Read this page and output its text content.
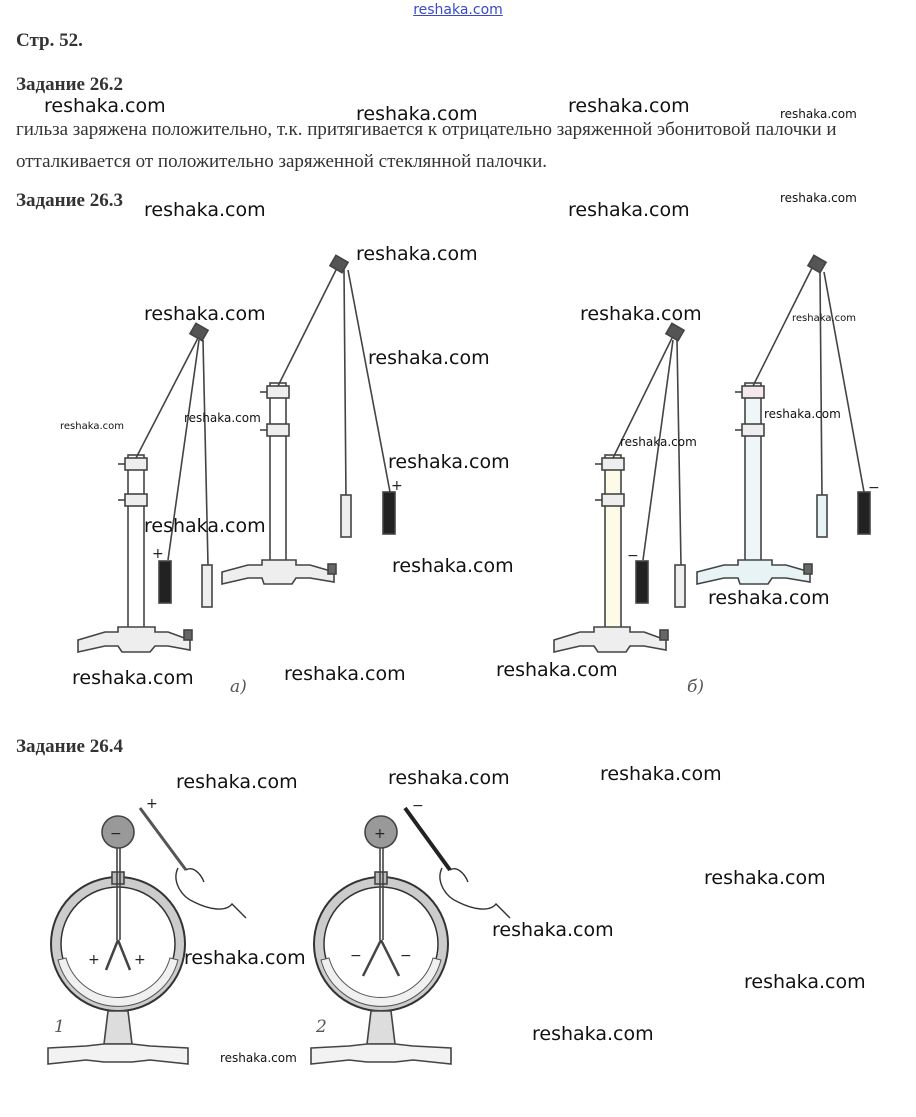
reshaka.com

Стр. 52.

Задание 26.2

гильза заряжена положительно, т.к. притягивается к отрицательно заряженной эбонитовой палочки и отталкивается от положительно заряженной стеклянной палочки.

Задание 26.3

Задание 26.4

+
+
−
−
а)	б)
−
+
+ +
1
+
−
−	−
2
reshaka.com	reshaka.com	reshaka.com	reshaka.com
reshaka.com	reshaka.com
reshaka.com
reshaka.com
reshaka.com	reshaka.com	reshaka.com
reshaka.com
reshaka.com	reshaka.com
reshaka.com
reshaka.com
reshaka.com
reshaka.com
reshaka.com
reshaka.com
reshaka.com
reshaka.com
reshaka.com
reshaka.com
reshaka.com
reshaka.com
reshaka.com
reshaka.com
reshaka.com
reshaka.com
reshaka.com
reshaka.com
